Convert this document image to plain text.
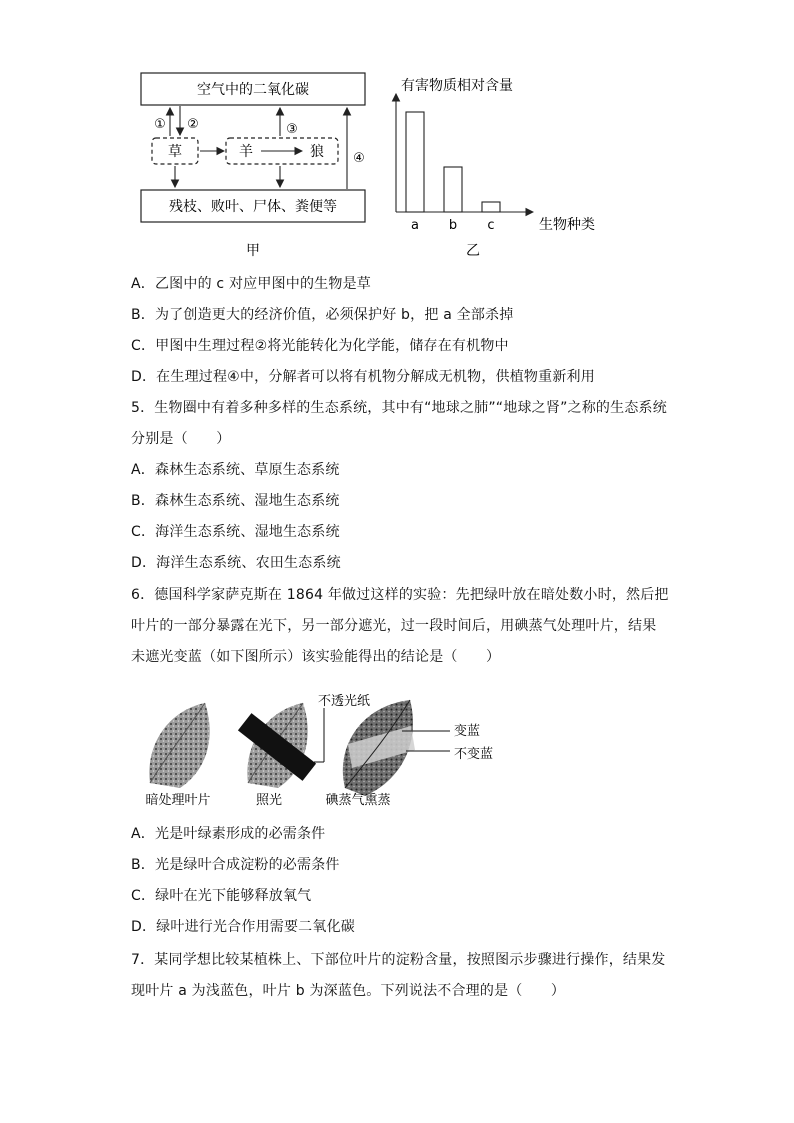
空气中的二氧化碳
残枝、败叶、尸体、粪便等
草	羊	狼
① ②	③
④
甲
有害物质相对含量
生物种类
a b c
乙
A．乙图中的 c 对应甲图中的生物是草
B．为了创造更大的经济价值，必须保护好 b，把 a 全部杀掉
C．甲图中生理过程②将光能转化为化学能，储存在有机物中
D．在生理过程④中，分解者可以将有机物分解成无机物，供植物重新利用
5．生物圈中有着多种多样的生态系统，其中有“地球之肺”“地球之肾”之称的生态系统
分别是（　　）
A．森林生态系统、草原生态系统
B．森林生态系统、湿地生态系统
C．海洋生态系统、湿地生态系统
D．海洋生态系统、农田生态系统
6．德国科学家萨克斯在 1864 年做过这样的实验：先把绿叶放在暗处数小时，然后把
叶片的一部分暴露在光下，另一部分遮光，过一段时间后，用碘蒸气处理叶片，结果
未遮光变蓝（如下图所示）该实验能得出的结论是（　　）
不透光纸
变蓝
不变蓝
暗处理叶片	照光	碘蒸气熏蒸
A．光是叶绿素形成的必需条件
B．光是绿叶合成淀粉的必需条件
C．绿叶在光下能够释放氧气
D．绿叶进行光合作用需要二氧化碳
7．某同学想比较某植株上、下部位叶片的淀粉含量，按照图示步骤进行操作，结果发
现叶片 a 为浅蓝色，叶片 b 为深蓝色。下列说法不合理的是（　　）
